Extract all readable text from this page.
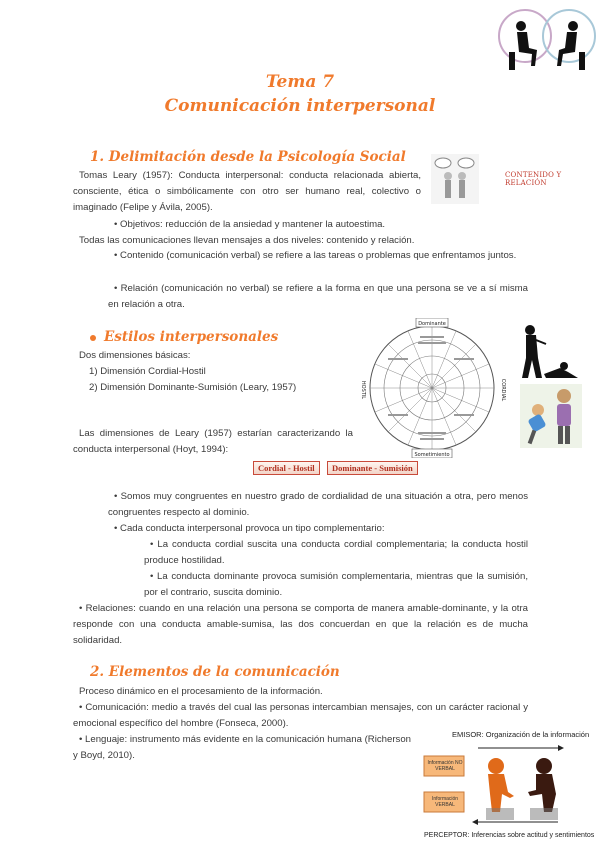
Tema 7
Comunicación interpersonal
1. Delimitación desde la Psicología Social
CONTENIDO Y RELACIÓN
Tomas Leary (1957): Conducta interpersonal: conducta relacionada abierta, consciente, ética o simbólicamente con otro ser humano real, colectivo o imaginado (Felipe y Ávila, 2005).
• Objetivos: reducción de la ansiedad y mantener la autoestima.
Todas las comunicaciones llevan mensajes a dos niveles: contenido y relación.
• Contenido (comunicación verbal) se refiere a las tareas o problemas que enfrentamos juntos.
• Relación (comunicación no verbal) se refiere a la forma en que una persona se ve a sí misma en relación a otra.
Estilos interpersonales
Dos dimensiones básicas:
1) Dimensión Cordial-Hostil
2) Dimensión Dominante-Sumisión (Leary, 1957)
Dominante
Sometimiento
HOSTIL	CORDIAL
Las dimensiones de Leary (1957) estarían caracterizando la conducta interpersonal (Hoyt, 1994):
Cordial - Hostil	Dominante - Sumisión
• Somos muy congruentes en nuestro grado de cordialidad de una situación a otra, pero menos congruentes respecto al dominio.
• Cada conducta interpersonal provoca un tipo complementario:
• La conducta cordial suscita una conducta cordial complementaria; la conducta hostil produce hostilidad.
• La conducta dominante provoca sumisión complementaria, mientras que la sumisión, por el contrario, suscita dominio.
• Relaciones: cuando en una relación una persona se comporta de manera amable-dominante, y la otra responde con una conducta amable-sumisa, las dos concuerdan en que la relación es de mucha solidaridad.
2. Elementos de la comunicación
Proceso dinámico en el procesamiento de la información.
• Comunicación: medio a través del cual las personas intercambian mensajes, con un carácter racional y emocional específico del hombre (Fonseca, 2000).
• Lenguaje: instrumento más evidente en la comunicación humana (Richerson y Boyd, 2010).
EMISOR: Organización de la información
Información NO VERBAL
Información VERBAL
PERCEPTOR: Inferencias sobre actitud y sentimientos
